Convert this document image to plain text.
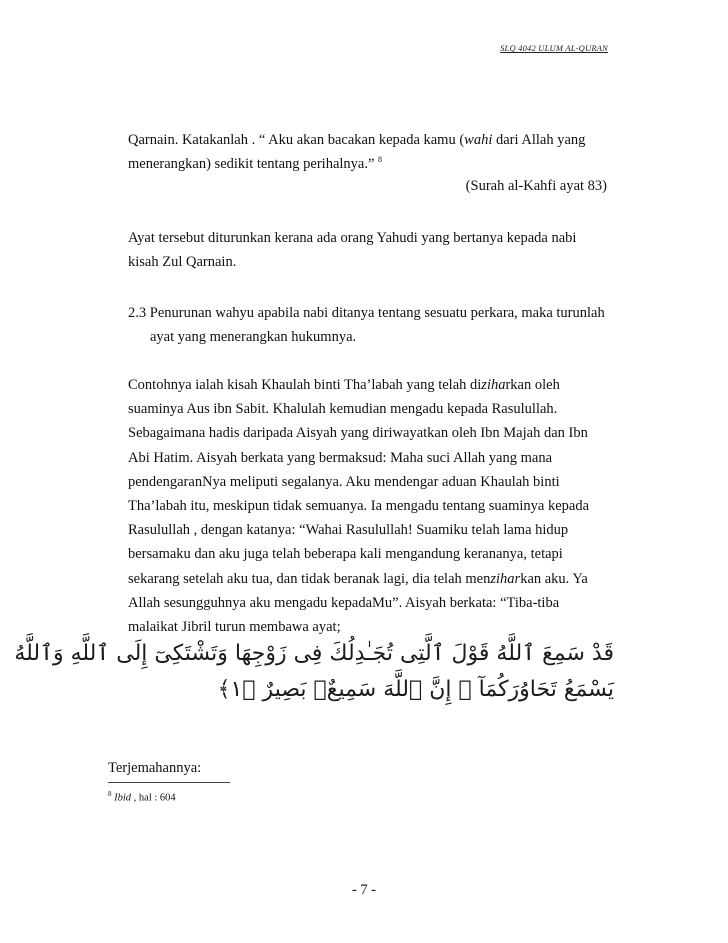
SLQ 4042 ULUM AL-QURAN
Qarnain. Katakanlah . “ Aku akan bacakan kepada kamu (wahi dari Allah yang
menerangkan) sedikit tentang perihalnya.” $^8$
(Surah al-Kahfi ayat 83)
Ayat tersebut diturunkan kerana ada orang Yahudi yang bertanya kepada nabi
kisah Zul Qarnain.
2.3 Penurunan wahyu apabila nabi ditanya tentang sesuatu perkara, maka turunlah
ayat yang menerangkan hukumnya.
Contohnya ialah kisah Khaulah binti Tha’labah yang telah diziharkan oleh
suaminya Aus ibn Sabit. Khalulah kemudian mengadu kepada Rasulullah.
Sebagaimana hadis daripada Aisyah yang diriwayatkan oleh Ibn Majah dan Ibn
Abi Hatim. Aisyah berkata yang bermaksud: Maha suci Allah yang mana
pendengaranNya meliputi segalanya. Aku mendengar aduan Khaulah binti
Tha’labah itu, meskipun tidak semuanya. Ia mengadu tentang suaminya kepada
Rasulullah , dengan katanya: “Wahai Rasulullah! Suamiku telah lama hidup
bersamaku dan aku juga telah beberapa kali mengandung kerananya, tetapi
sekarang setelah aku tua, dan tidak beranak lagi, dia telah menziharkan aku. Ya
Allah sesungguhnya aku mengadu kepadaMu”. Aisyah berkata: “Tiba-tiba
malaikat Jibril turun membawa ayat;
قَدْ سَمِعَ ٱللَّهُ قَوْلَ ٱلَّتِى تُجَـٰدِلُكَ فِى زَوْجِهَا وَتَشْتَكِىٓ إِلَى ٱللَّهِ وَٱللَّهُ
يَسْمَعُ تَحَاوُرَكُمَآ ۚ إِنَّ ٱللَّهَ سَمِيعٌۢ بَصِيرٌ ﴿١﴾
Terjemahannya:
$^8$ Ibid , hal : 604
- 7 -
